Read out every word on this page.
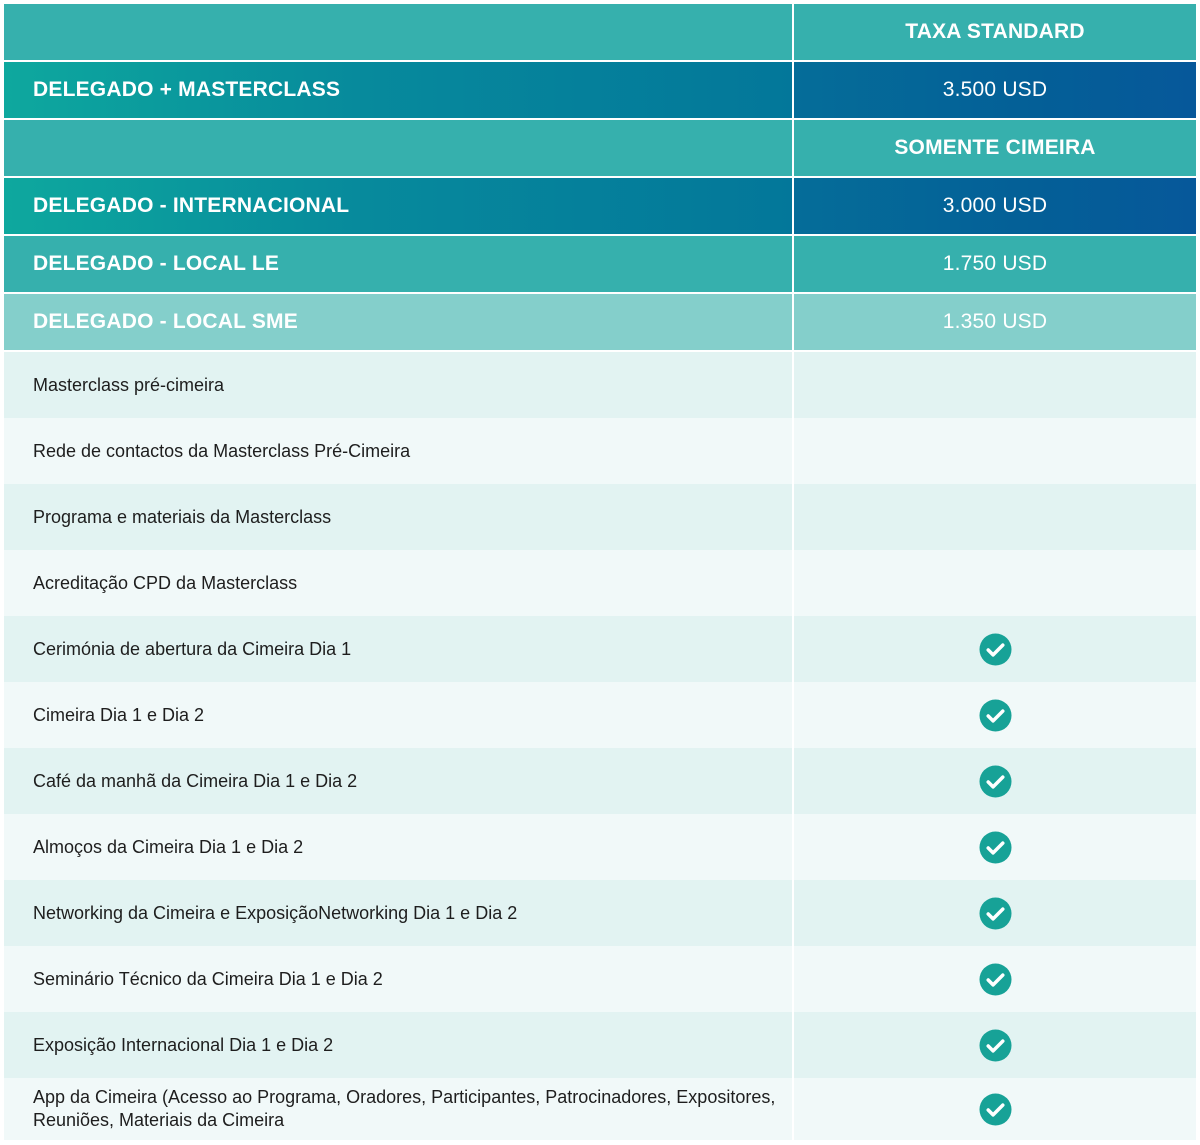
TAXA STANDARD
DELEGADO + MASTERCLASS	3.500 USD
SOMENTE CIMEIRA
DELEGADO - INTERNACIONAL	3.000 USD
DELEGADO - LOCAL LE	1.750 USD
DELEGADO - LOCAL SME	1.350 USD
Masterclass pré-cimeira
Rede de contactos da Masterclass Pré-Cimeira
Programa e materiais da Masterclass
Acreditação CPD da Masterclass
Cerimónia de abertura da Cimeira Dia 1
Cimeira Dia 1 e Dia 2
Café da manhã da Cimeira Dia 1 e Dia 2
Almoços da Cimeira Dia 1 e Dia 2
Networking da Cimeira e ExposiçãoNetworking Dia 1 e Dia 2
Seminário Técnico da Cimeira Dia 1 e Dia 2
Exposição Internacional Dia 1 e Dia 2
App da Cimeira (Acesso ao Programa, Oradores, Participantes, Patrocinadores, Expositores, Reuniões, Materiais da Cimeira
